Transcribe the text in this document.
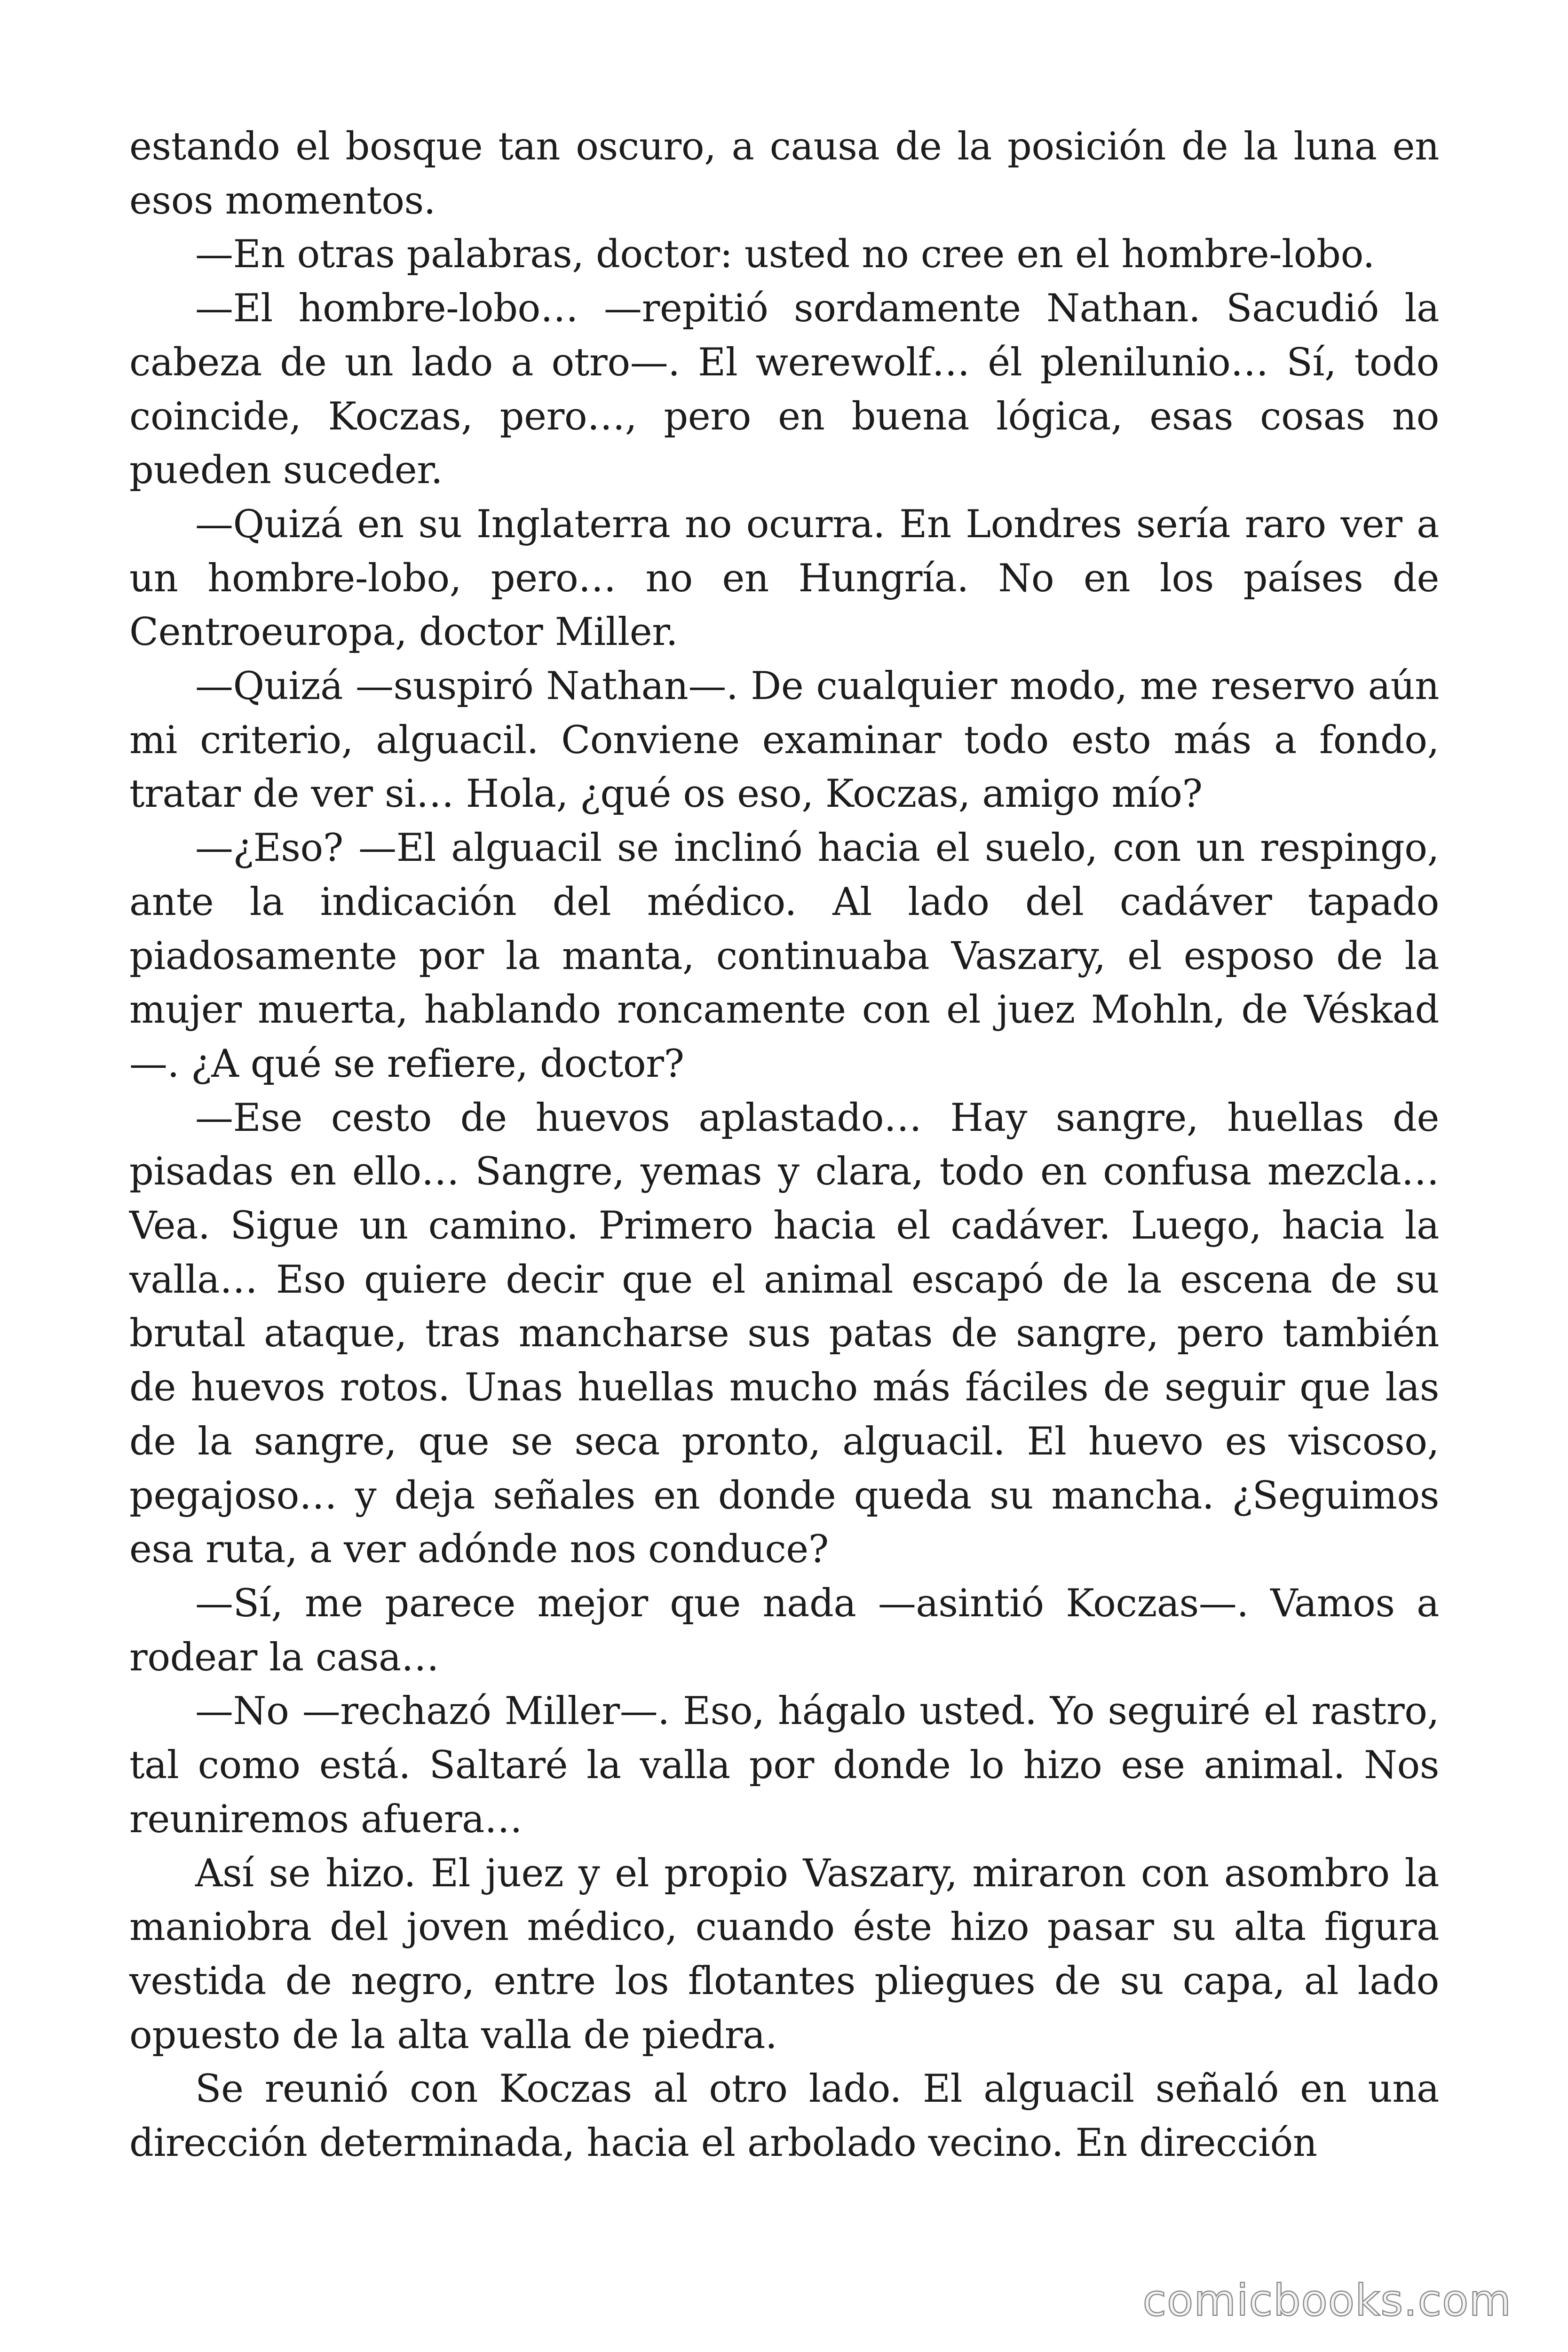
estando el bosque tan oscuro, a causa de la posición de la luna en esos momentos.

—En otras palabras, doctor: usted no cree en el hombre-lobo.

—El hombre-lobo… —repitió sordamente Nathan. Sacudió la cabeza de un lado a otro—. El werewolf… él plenilunio… Sí, todo coincide, Koczas, pero…, pero en buena lógica, esas cosas no pueden suceder.

—Quizá en su Inglaterra no ocurra. En Londres sería raro ver a un hombre-lobo, pero… no en Hungría. No en los países de Centroeuropa, doctor Miller.

—Quizá —suspiró Nathan—. De cualquier modo, me reservo aún mi criterio, alguacil. Conviene examinar todo esto más a fondo, tratar de ver si… Hola, ¿qué os eso, Koczas, amigo mío?

—¿Eso? —El alguacil se inclinó hacia el suelo, con un respingo, ante la indicación del médico. Al lado del cadáver tapado piadosamente por la manta, continuaba Vaszary, el esposo de la mujer muerta, hablando roncamente con el juez Mohln, de Véskad —. ¿A qué se refiere, doctor?

—Ese cesto de huevos aplastado… Hay sangre, huellas de pisadas en ello… Sangre, yemas y clara, todo en confusa mezcla… Vea. Sigue un camino. Primero hacia el cadáver. Luego, hacia la valla… Eso quiere decir que el animal escapó de la escena de su brutal ataque, tras mancharse sus patas de sangre, pero también de huevos rotos. Unas huellas mucho más fáciles de seguir que las de la sangre, que se seca pronto, alguacil. El huevo es viscoso, pegajoso… y deja señales en donde queda su mancha. ¿Seguimos esa ruta, a ver adónde nos conduce?

—Sí, me parece mejor que nada —asintió Koczas—. Vamos a rodear la casa…

—No —rechazó Miller—. Eso, hágalo usted. Yo seguiré el rastro, tal como está. Saltaré la valla por donde lo hizo ese animal. Nos reuniremos afuera…

Así se hizo. El juez y el propio Vaszary, miraron con asombro la maniobra del joven médico, cuando éste hizo pasar su alta figura vestida de negro, entre los flotantes pliegues de su capa, al lado opuesto de la alta valla de piedra.

Se reunió con Koczas al otro lado. El alguacil señaló en una dirección determinada, hacia el arbolado vecino. En dirección

comicbooks.com
